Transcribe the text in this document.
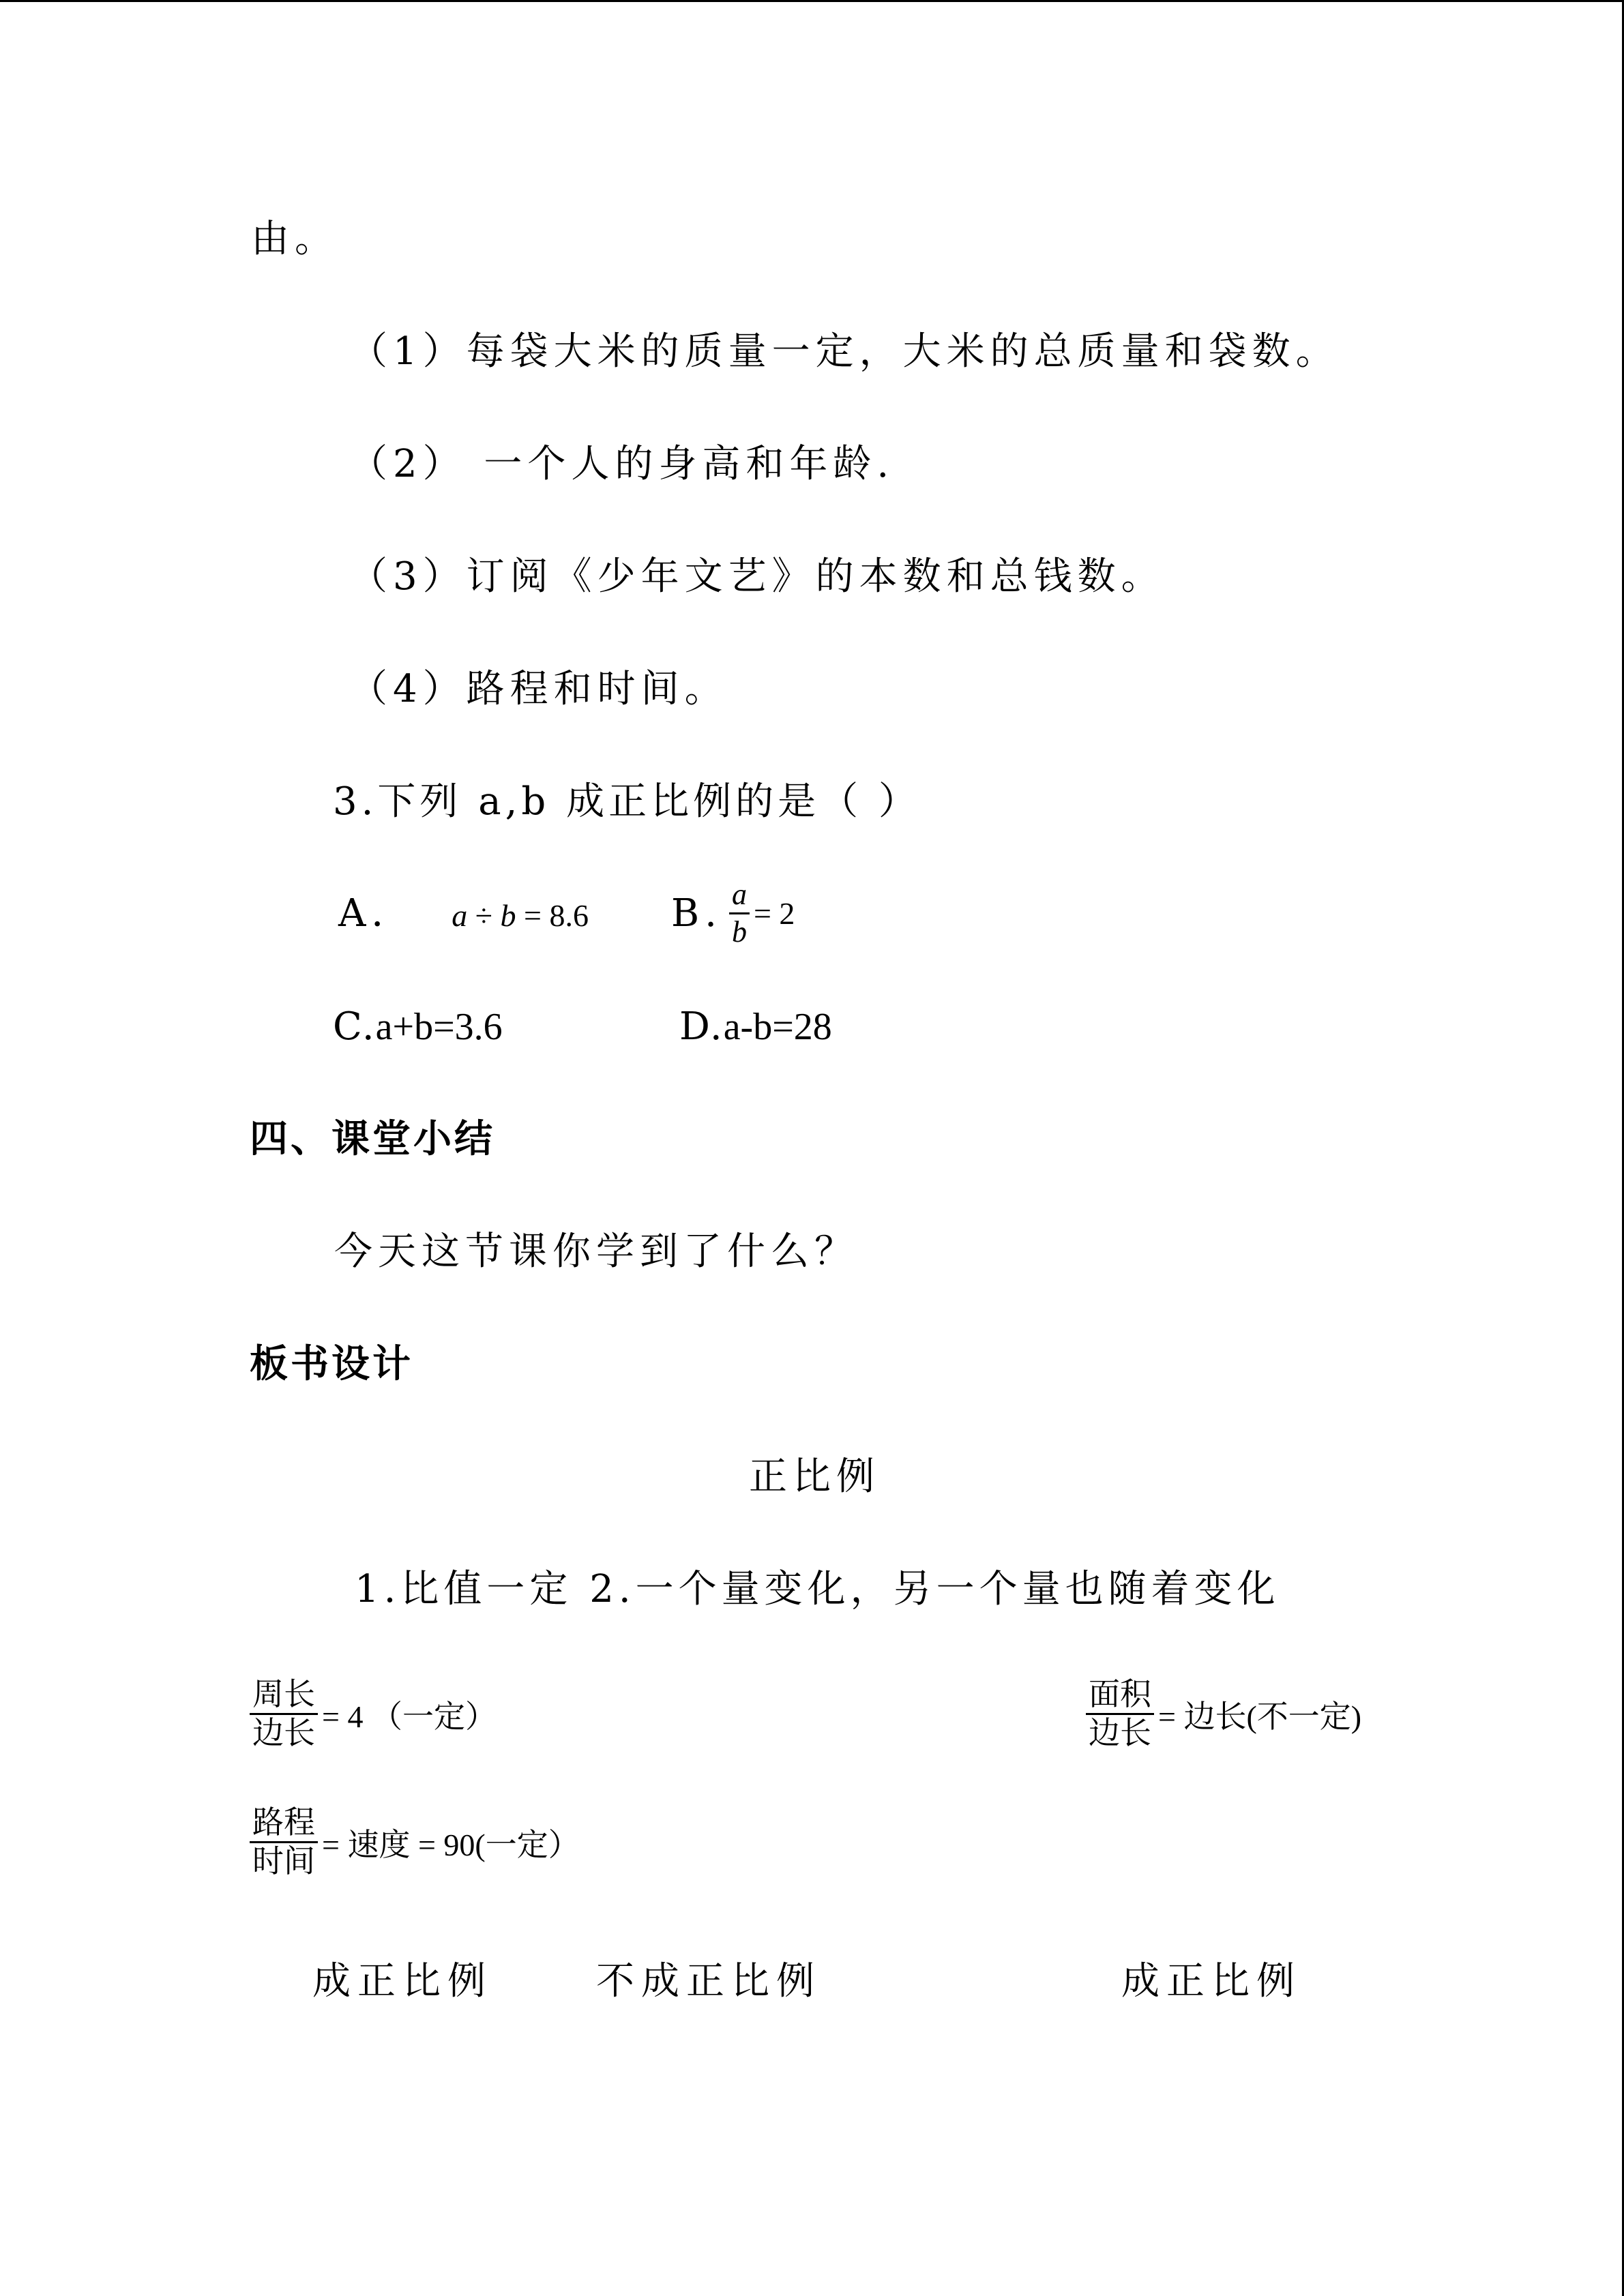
由。
（1）每袋大米的质量一定，大米的总质量和袋数。
（2） 一个人的身高和年龄.
（3）订阅《少年文艺》的本数和总钱数。
（4）路程和时间。
3.下列 a,b 成正比例的是（ ）
A． a ÷ b = 8.6 B. $\frac{a}{b} = 2$
C.a+b=3.6	D.a-b=28
四、课堂小结
今天这节课你学到了什么？
板书设计
正比例
1.比值一定 2.一个量变化，另一个量也随着变化
$\frac{\text{周长}}{\text{边长}} = 4$ （一定）	$\frac{\text{面积}}{\text{边长}}$ = 边长(不一定)
$\frac{\text{路程}}{\text{时间}}$ = 速度 = 90(一定）
成正比例	不成正比例	成正比例
